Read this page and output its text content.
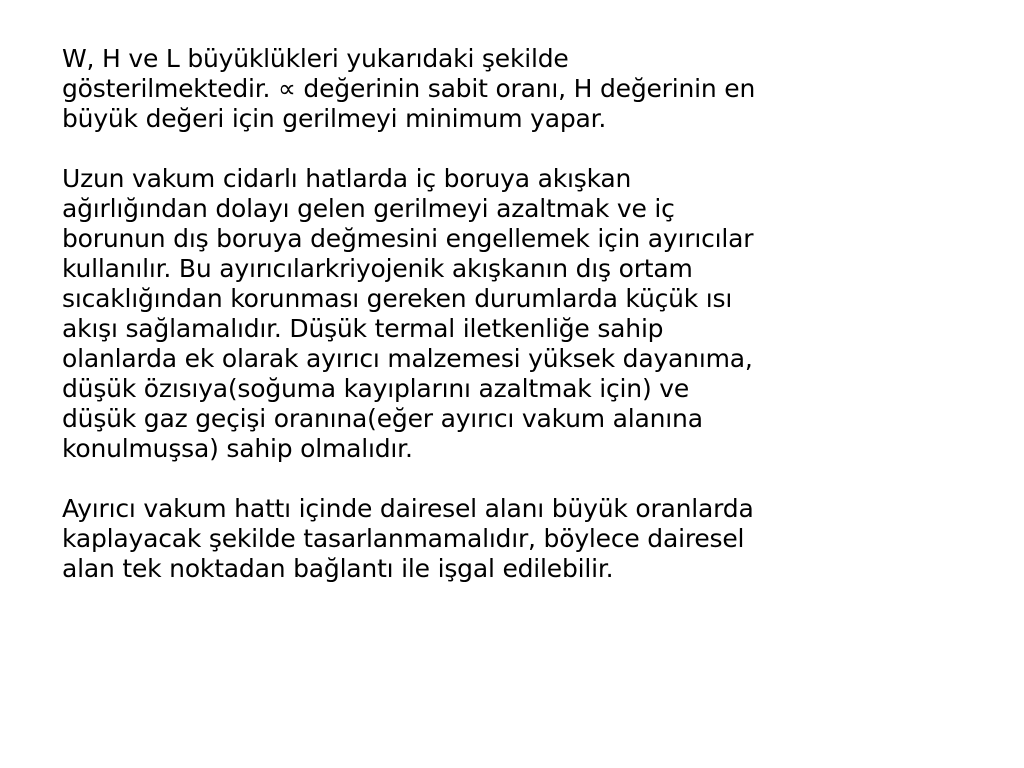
W, H ve L büyüklükleri yukarıdaki şekilde
gösterilmektedir. ∝ değerinin sabit oranı, H değerinin en
büyük değeri için gerilmeyi minimum yapar.

Uzun vakum cidarlı hatlarda iç boruya akışkan
ağırlığından dolayı gelen gerilmeyi azaltmak ve iç
borunun dış boruya değmesini engellemek için ayırıcılar
kullanılır. Bu ayırıcılarkriyojenik akışkanın dış ortam
sıcaklığından korunması gereken durumlarda küçük ısı
akışı sağlamalıdır. Düşük termal iletkenliğe sahip
olanlarda ek olarak ayırıcı malzemesi yüksek dayanıma,
düşük özısıya(soğuma kayıplarını azaltmak için) ve
düşük gaz geçişi oranına(eğer ayırıcı vakum alanına
konulmuşsa) sahip olmalıdır.

Ayırıcı vakum hattı içinde dairesel alanı büyük oranlarda
kaplayacak şekilde tasarlanmamalıdır, böylece dairesel
alan tek noktadan bağlantı ile işgal edilebilir.
